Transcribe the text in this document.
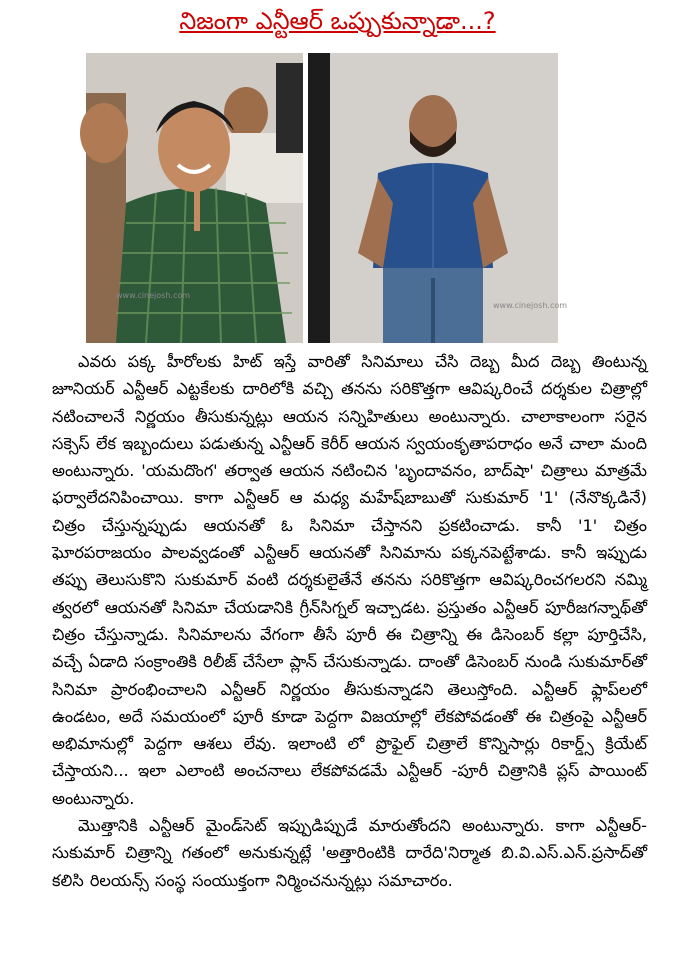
నిజంగా ఎన్టీఆర్ ఒప్పుకున్నాడా...?
www.cinejosh.com
www.cinejosh.com

ఎవరు పక్క హీరోలకు హిట్ ఇస్తే వారితో సినిమాలు చేసి దెబ్బ మీద దెబ్బ తింటున్న జూనియర్ ఎన్టీఆర్ ఎట్టకేలకు దారిలోకి వచ్చి తనను సరికొత్తగా ఆవిష్కరించే దర్శకుల చిత్రాల్లో నటించాలనే నిర్ణయం తీసుకున్నట్లు ఆయన సన్నిహితులు అంటున్నారు. చాలాకాలంగా సరైన సక్సెస్ లేక ఇబ్బందులు పడుతున్న ఎన్టీఆర్ కెరీర్ ఆయన స్వయంకృతాపరాధం అనే చాలా మంది అంటున్నారు. 'యమదొంగ' తర్వాత ఆయన నటించిన 'బృందావనం, బాద్‌షా' చిత్రాలు మాత్రమే ఫర్వాలేదనిపించాయి. కాగా ఎన్టీఆర్ ఆ మధ్య మహేష్‌బాబుతో సుకుమార్ '1' (నేనొక్కడినే) చిత్రం చేస్తున్నప్పుడు ఆయనతో ఓ సినిమా చేస్తానని ప్రకటించాడు. కానీ '1' చిత్రం ఘోరపరాజయం పాలవ్వడంతో ఎన్టీఆర్ ఆయనతో సినిమాను పక్కనపెట్టేశాడు. కానీ ఇప్పుడు తప్పు తెలుసుకొని సుకుమార్ వంటి దర్శకులైతేనే తనను సరికొత్తగా ఆవిష్కరించగలరని నమ్మి త్వరలో ఆయనతో సినిమా చేయడానికి గ్రీన్‌సిగ్నల్ ఇచ్చాడట. ప్రస్తుతం ఎన్టీఆర్ పూరీజగన్నాథ్‌తో చిత్రం చేస్తున్నాడు. సినిమాలను వేగంగా తీసే పూరీ ఈ చిత్రాన్ని ఈ డిసెంబర్ కల్లా పూర్తిచేసి, వచ్చే ఏడాది సంక్రాంతికి రిలీజ్ చేసేలా ప్లాన్ చేసుకున్నాడు. దాంతో డిసెంబర్ నుండి సుకుమార్‌తో సినిమా ప్రారంభించాలని ఎన్టీఆర్ నిర్ణయం తీసుకున్నాడని తెలుస్తోంది. ఎన్టీఆర్ ఫ్లాప్‌లలో ఉండటం, అదే సమయంలో పూరీ కూడా పెద్దగా విజయాల్లో లేకపోవడంతో ఈ చిత్రంపై ఎన్టీఆర్ అభిమానుల్లో పెద్దగా ఆశలు లేవు. ఇలాంటి లో ప్రొఫైల్ చిత్రాలే కొన్నిసార్లు రికార్డ్స్ క్రియేట్ చేస్తాయని... ఇలా ఎలాంటి అంచనాలు లేకపోవడమే ఎన్టీఆర్ -పూరీ చిత్రానికి ప్లస్ పాయింట్ అంటున్నారు.

మొత్తానికి ఎన్టీఆర్ మైండ్‌సెట్ ఇప్పుడిప్పుడే మారుతోందని అంటున్నారు. కాగా ఎన్టీఆర్-సుకుమార్ చిత్రాన్ని గతంలో అనుకున్నట్లే 'అత్తారింటికి దారేది'నిర్మాత బి.వి.ఎస్.ఎన్.ప్రసాద్‌తో కలిసి రిలయన్స్ సంస్థ సంయుక్తంగా నిర్మించనున్నట్లు సమాచారం.
